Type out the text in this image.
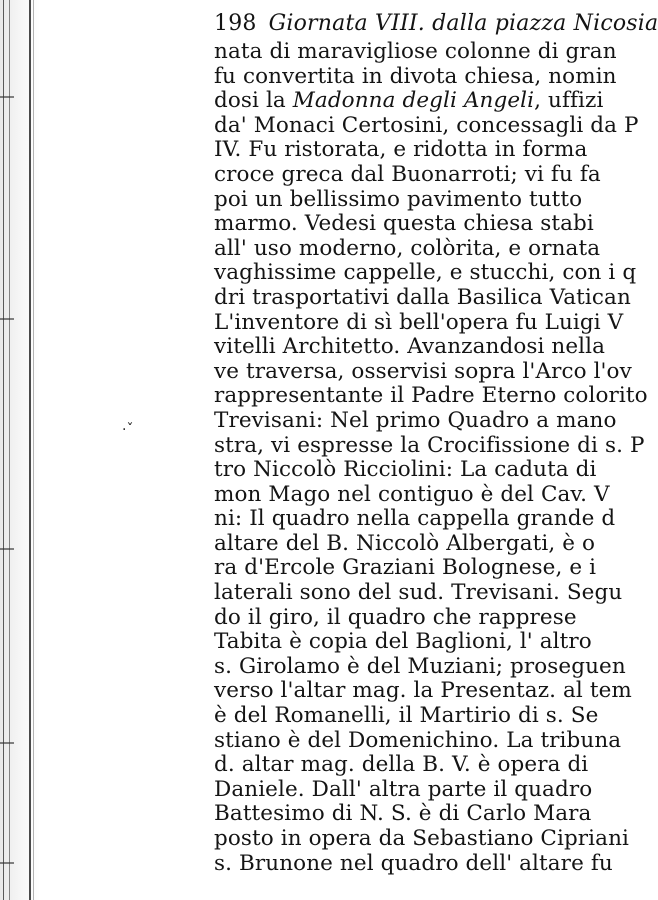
·ˇ
198 Giornata VIII. dalla piazza Nicosia
nata di maravigliose colonne di gran
fu convertita in divota chiesa, nomin
dosi la Madonna degli Angeli, uffizi
da' Monaci Certosini, concessagli da P
IV. Fu ristorata, e ridotta in forma
croce greca dal Buonarroti; vi fu fa
poi un bellissimo pavimento tutto
marmo. Vedesi questa chiesa stabi
all' uso moderno, colòrita, e ornata
vaghissime cappelle, e stucchi, con i q
dri trasportativi dalla Basilica Vatican
L'inventore di sì bell'opera fu Luigi V
vitelli Architetto. Avanzandosi nella
ve traversa, osservisi sopra l'Arco l'ov
rappresentante il Padre Eterno colorito
Trevisani: Nel primo Quadro a mano
stra, vi espresse la Crocifissione di s. P
tro Niccolò Ricciolini: La caduta di
mon Mago nel contiguo è del Cav. V
ni: Il quadro nella cappella grande d
altare del B. Niccolò Albergati, è o
ra d'Ercole Graziani Bolognese, e i
laterali sono del sud. Trevisani. Segu
do il giro, il quadro che rapprese
Tabita è copia del Baglioni, l' altro
s. Girolamo è del Muziani; proseguen
verso l'altar mag. la Presentaz. al tem
è del Romanelli, il Martirio di s. Se
stiano è del Domenichino. La tribuna
d. altar mag. della B. V. è opera di
Daniele. Dall' altra parte il quadro
Battesimo di N. S. è di Carlo Mara
posto in opera da Sebastiano Cipriani
s. Brunone nel quadro dell' altare fu
